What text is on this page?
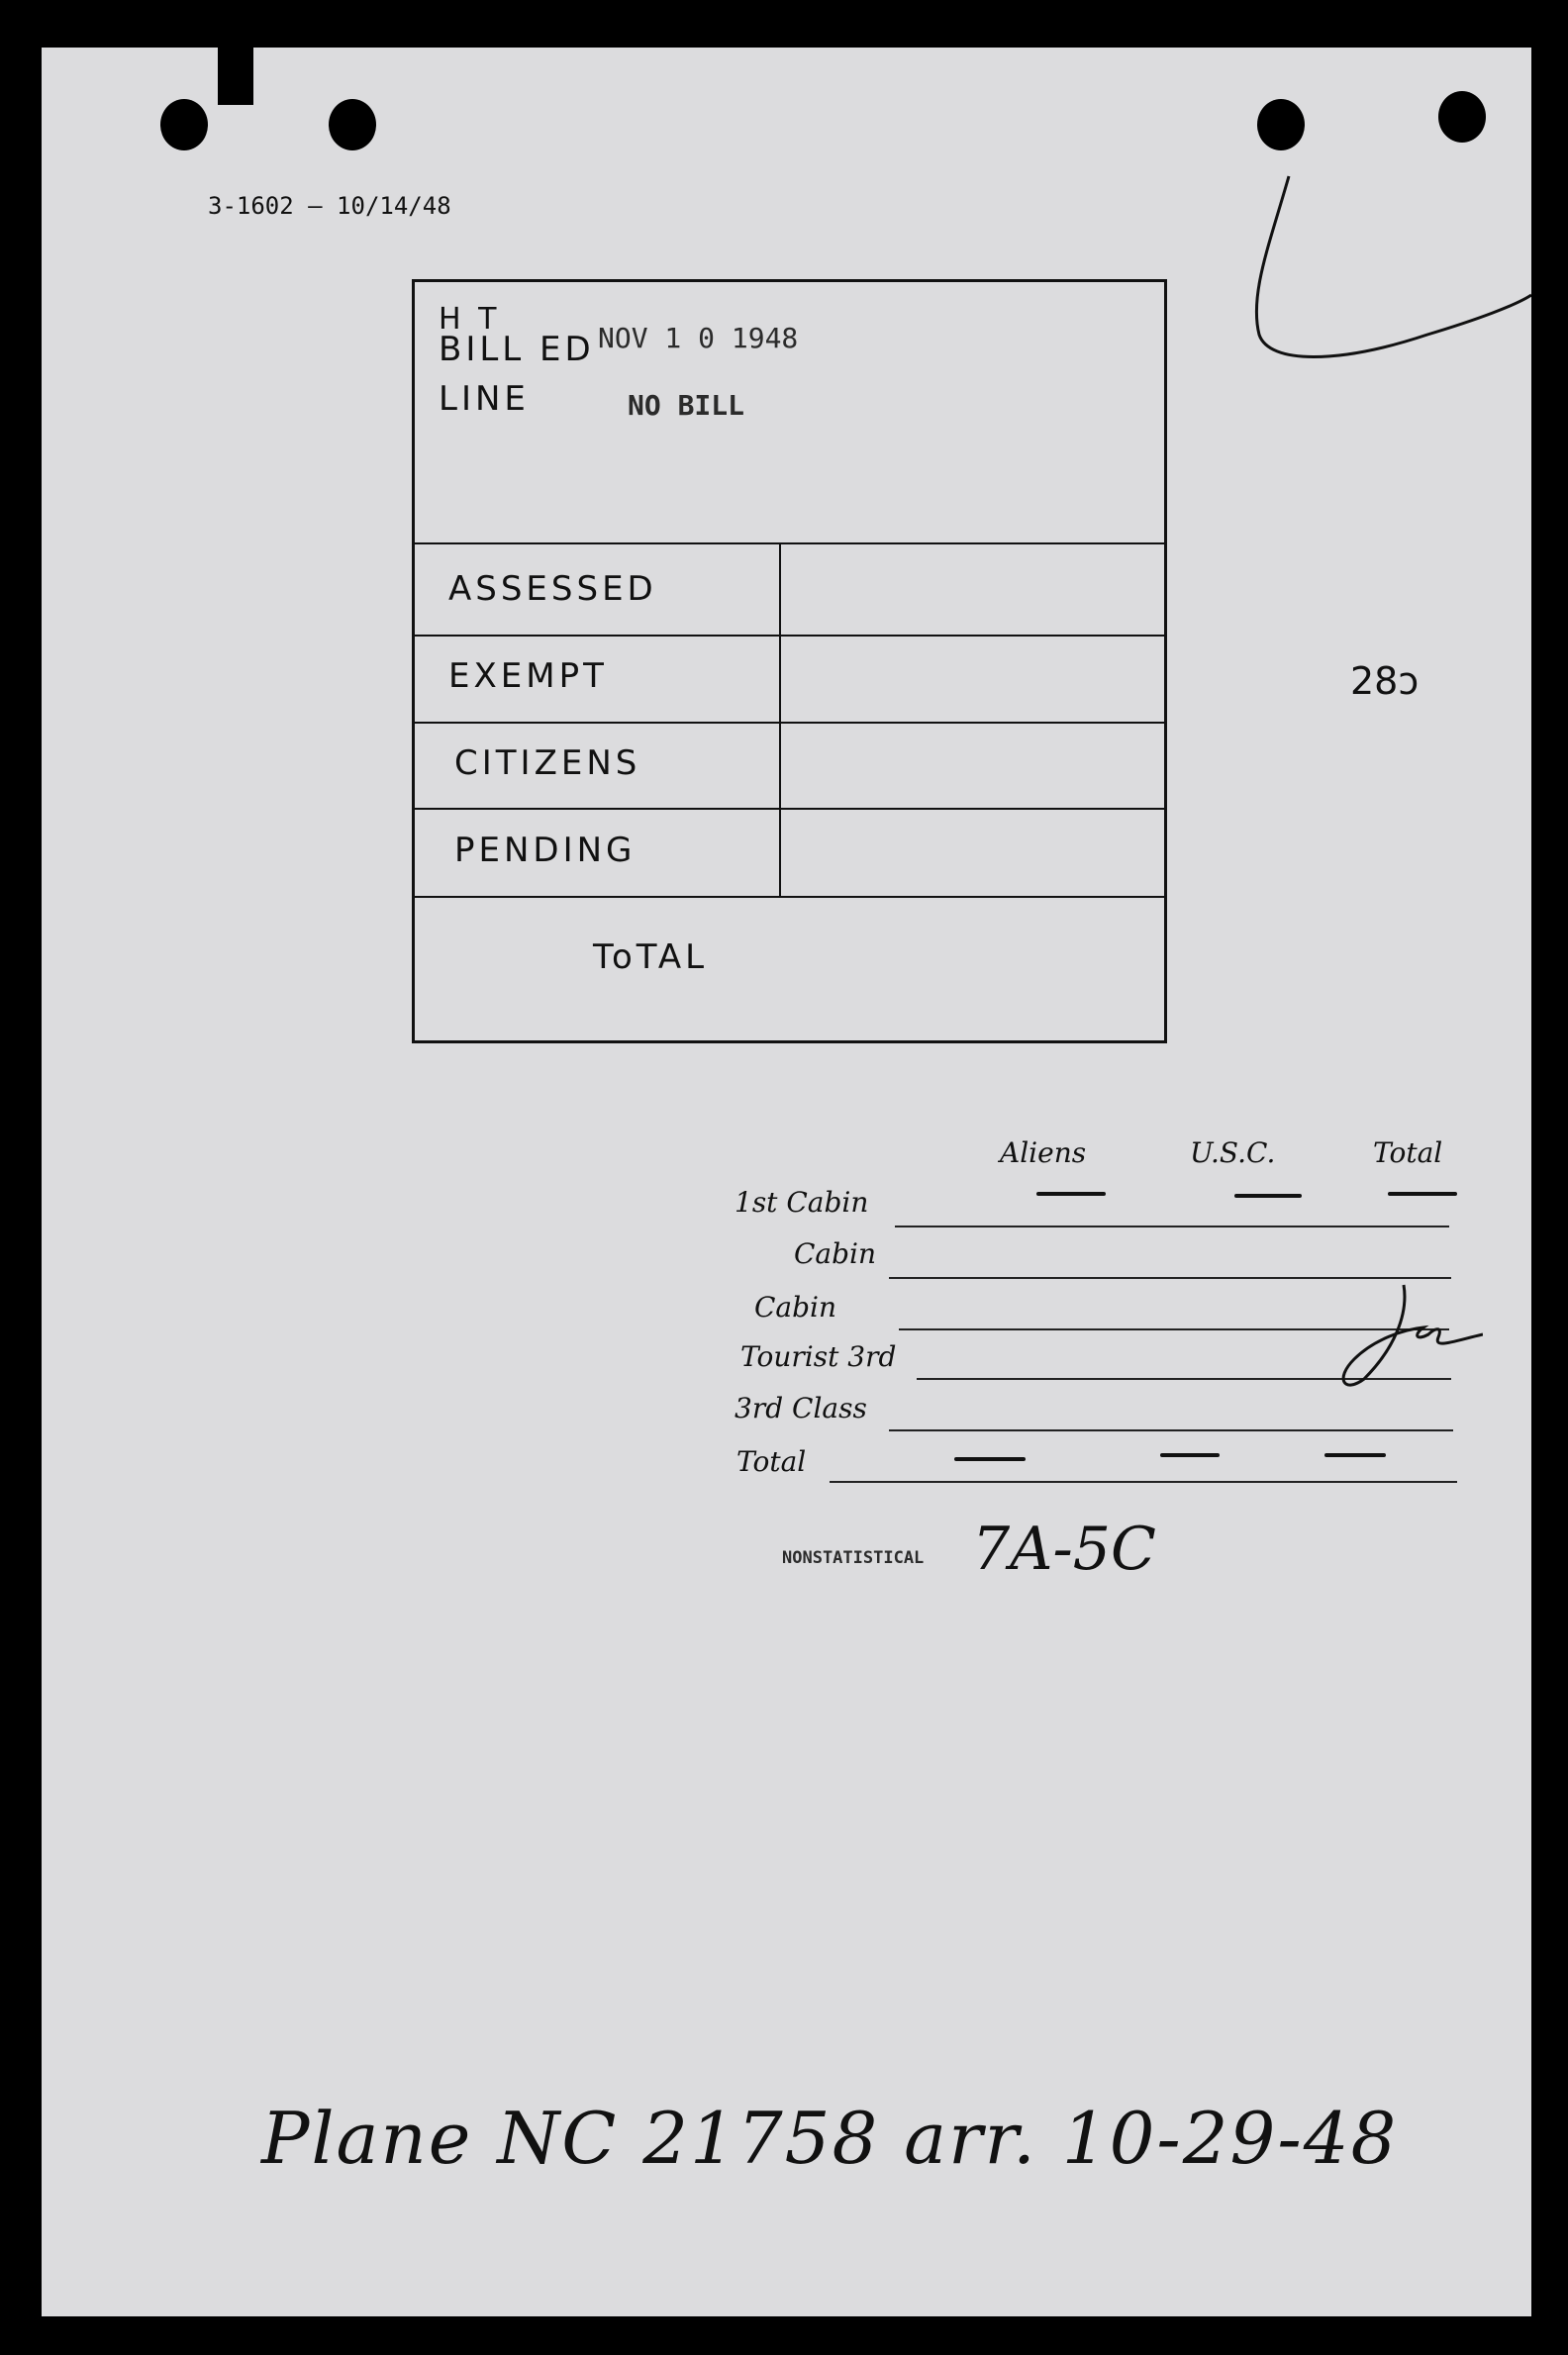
3-1602 — 10/14/48
H T
BILL ED NOV 1 0 1948
LINE	NO BILL
ASSESSED
EXEMPT
CITIZENS
PENDING
ToTAL
28ɔ
Aliens	U.S.C.	Total
1st Cabin
Cabin
Cabin
Tourist 3rd
3rd Class
Total
NONSTATISTICAL 7A-5C
Plane NC 21758 arr. 10-29-48
